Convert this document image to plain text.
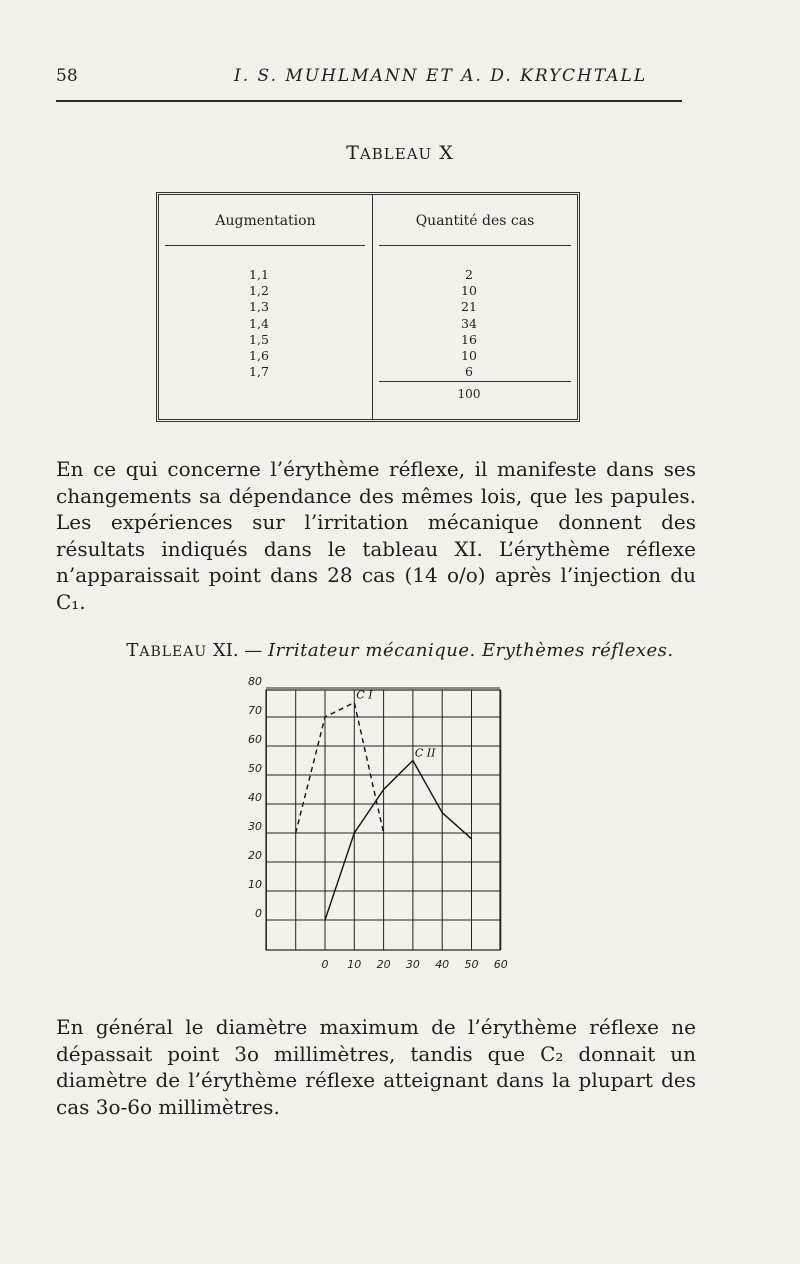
58	I. S. MUHLMANN ET A. D. KRYCHTALL
TABLEAU X
Augmentation	Quantité des cas
1,1
1,2
1,3
1,4
1,5
1,6
1,7
2
10
21
34
16
10
6
100

En ce qui concerne l’érythème réflexe, il manifeste dans ses changements sa dépendance des mêmes lois, que les papules. Les expériences sur l’irritation mécanique donnent des résultats indiqués dans le tableau XI. L’érythème réflexe n’apparaissait point dans 28 cas (14 o/o) après l’injection du C₁.

TABLEAU XI. — Irritateur mécanique. Erythèmes réflexes.
0
10
20
30
40
50
60
70
80
0 10 20 30 40 50 60
C I
C II

En général le diamètre maximum de l’érythème réflexe ne dépassait point 3o millimètres, tandis que C₂ donnait un diamètre de l’érythème réflexe atteignant dans la plupart des cas 3o-6o millimètres.
